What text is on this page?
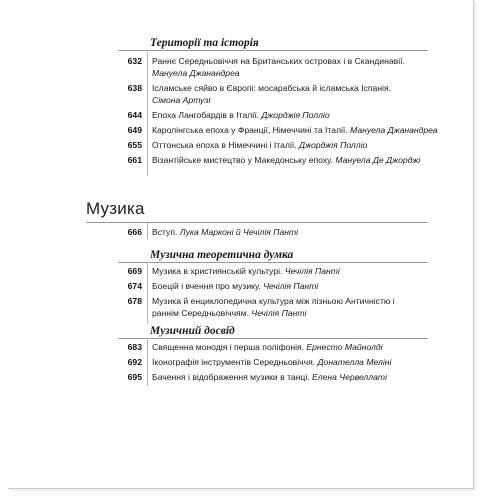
Території та історія
632 Раннє Середньовіччя на Британських островах і в Скандинавії.
Мануела Джанандреа
638 Ісламське сяйво в Європі: мосарабська й ісламська Іспанія.
Сімона Артузі
644 Епоха Лангобардів в Італії. Джорджія Полліо
649 Каролінгська епоха у Франції, Німеччині та Італії. Мануела Джанандреа
655 Оттонська епоха в Німеччині і Італії. Джорджія Полліо
661 Візантійське мистецтво у Македонську епоху. Мануела Де Джорджі
Музика
666 Вступ. Лука Марконі й Чечілія Панті
Музична теоретична думка
669 Музика в християнській культурі. Чечілія Панті
674 Боецій і вчення про музику. Чечілія Панті
678 Музика й енциклопедична культура між пізньою Античністю і раннім Середньовіччям. Чечілія Панті
Музичний досвід
683 Священна монодія і перша поліфонія. Ернесто Майнолді
692 Іконографія інструментів Середньовіччя. Донателла Меліні
695 Бачення і відображення музики в танці. Елена Червеллаті
